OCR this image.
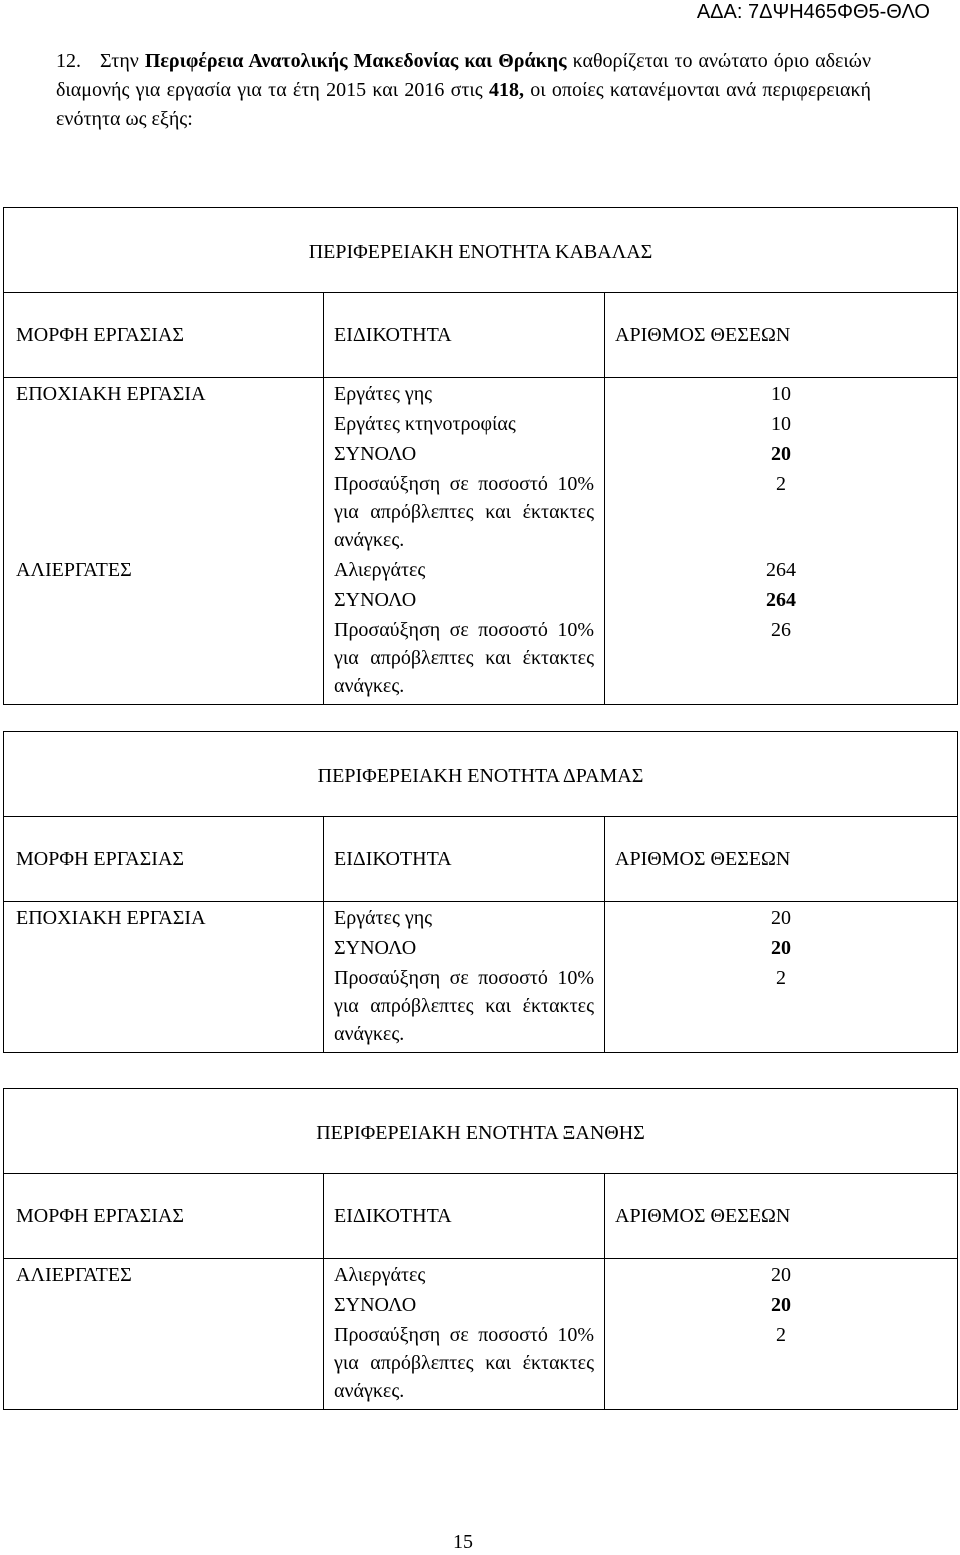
ΑΔΑ: 7ΔΨΗ465ΦΘ5-ΘΛΟ
12. Στην Περιφέρεια Ανατολικής Μακεδονίας και Θράκης καθορίζεται το ανώτατο όριο αδειών διαμονής για εργασία για τα έτη 2015 και 2016 στις 418, οι οποίες κατανέμονται ανά περιφερειακή ενότητα ως εξής:
ΠΕΡΙΦΕΡΕΙΑΚΗ ΕΝΟΤΗΤΑ ΚΑΒΑΛΑΣ		
ΜΟΡΦΗ ΕΡΓΑΣΙΑΣ	ΕΙΔΙΚΟΤΗΤΑ	ΑΡΙΘΜΟΣ ΘΕΣΕΩΝ
ΕΠΟΧΙΑΚΗ ΕΡΓΑΣΙΑ	Εργάτες γης	10
	Εργάτες κτηνοτροφίας	10
	ΣΥΝΟΛΟ	20
	Προσαύξηση σε ποσοστό 10% για απρόβλεπτες και έκτακτες ανάγκες.	2
ΑΛΙΕΡΓΑΤΕΣ	Αλιεργάτες	264
	ΣΥΝΟΛΟ	264
	Προσαύξηση σε ποσοστό 10% για απρόβλεπτες και έκτακτες ανάγκες.	26
ΠΕΡΙΦΕΡΕΙΑΚΗ ΕΝΟΤΗΤΑ ΔΡΑΜΑΣ		
ΜΟΡΦΗ ΕΡΓΑΣΙΑΣ	ΕΙΔΙΚΟΤΗΤΑ	ΑΡΙΘΜΟΣ ΘΕΣΕΩΝ
ΕΠΟΧΙΑΚΗ ΕΡΓΑΣΙΑ	Εργάτες γης	20
	ΣΥΝΟΛΟ	20
	Προσαύξηση σε ποσοστό 10% για απρόβλεπτες και έκτακτες ανάγκες.	2
ΠΕΡΙΦΕΡΕΙΑΚΗ ΕΝΟΤΗΤΑ ΞΑΝΘΗΣ		
ΜΟΡΦΗ ΕΡΓΑΣΙΑΣ	ΕΙΔΙΚΟΤΗΤΑ	ΑΡΙΘΜΟΣ ΘΕΣΕΩΝ
ΑΛΙΕΡΓΑΤΕΣ	Αλιεργάτες	20
	ΣΥΝΟΛΟ	20
	Προσαύξηση σε ποσοστό 10% για απρόβλεπτες και έκτακτες ανάγκες.	2
15
